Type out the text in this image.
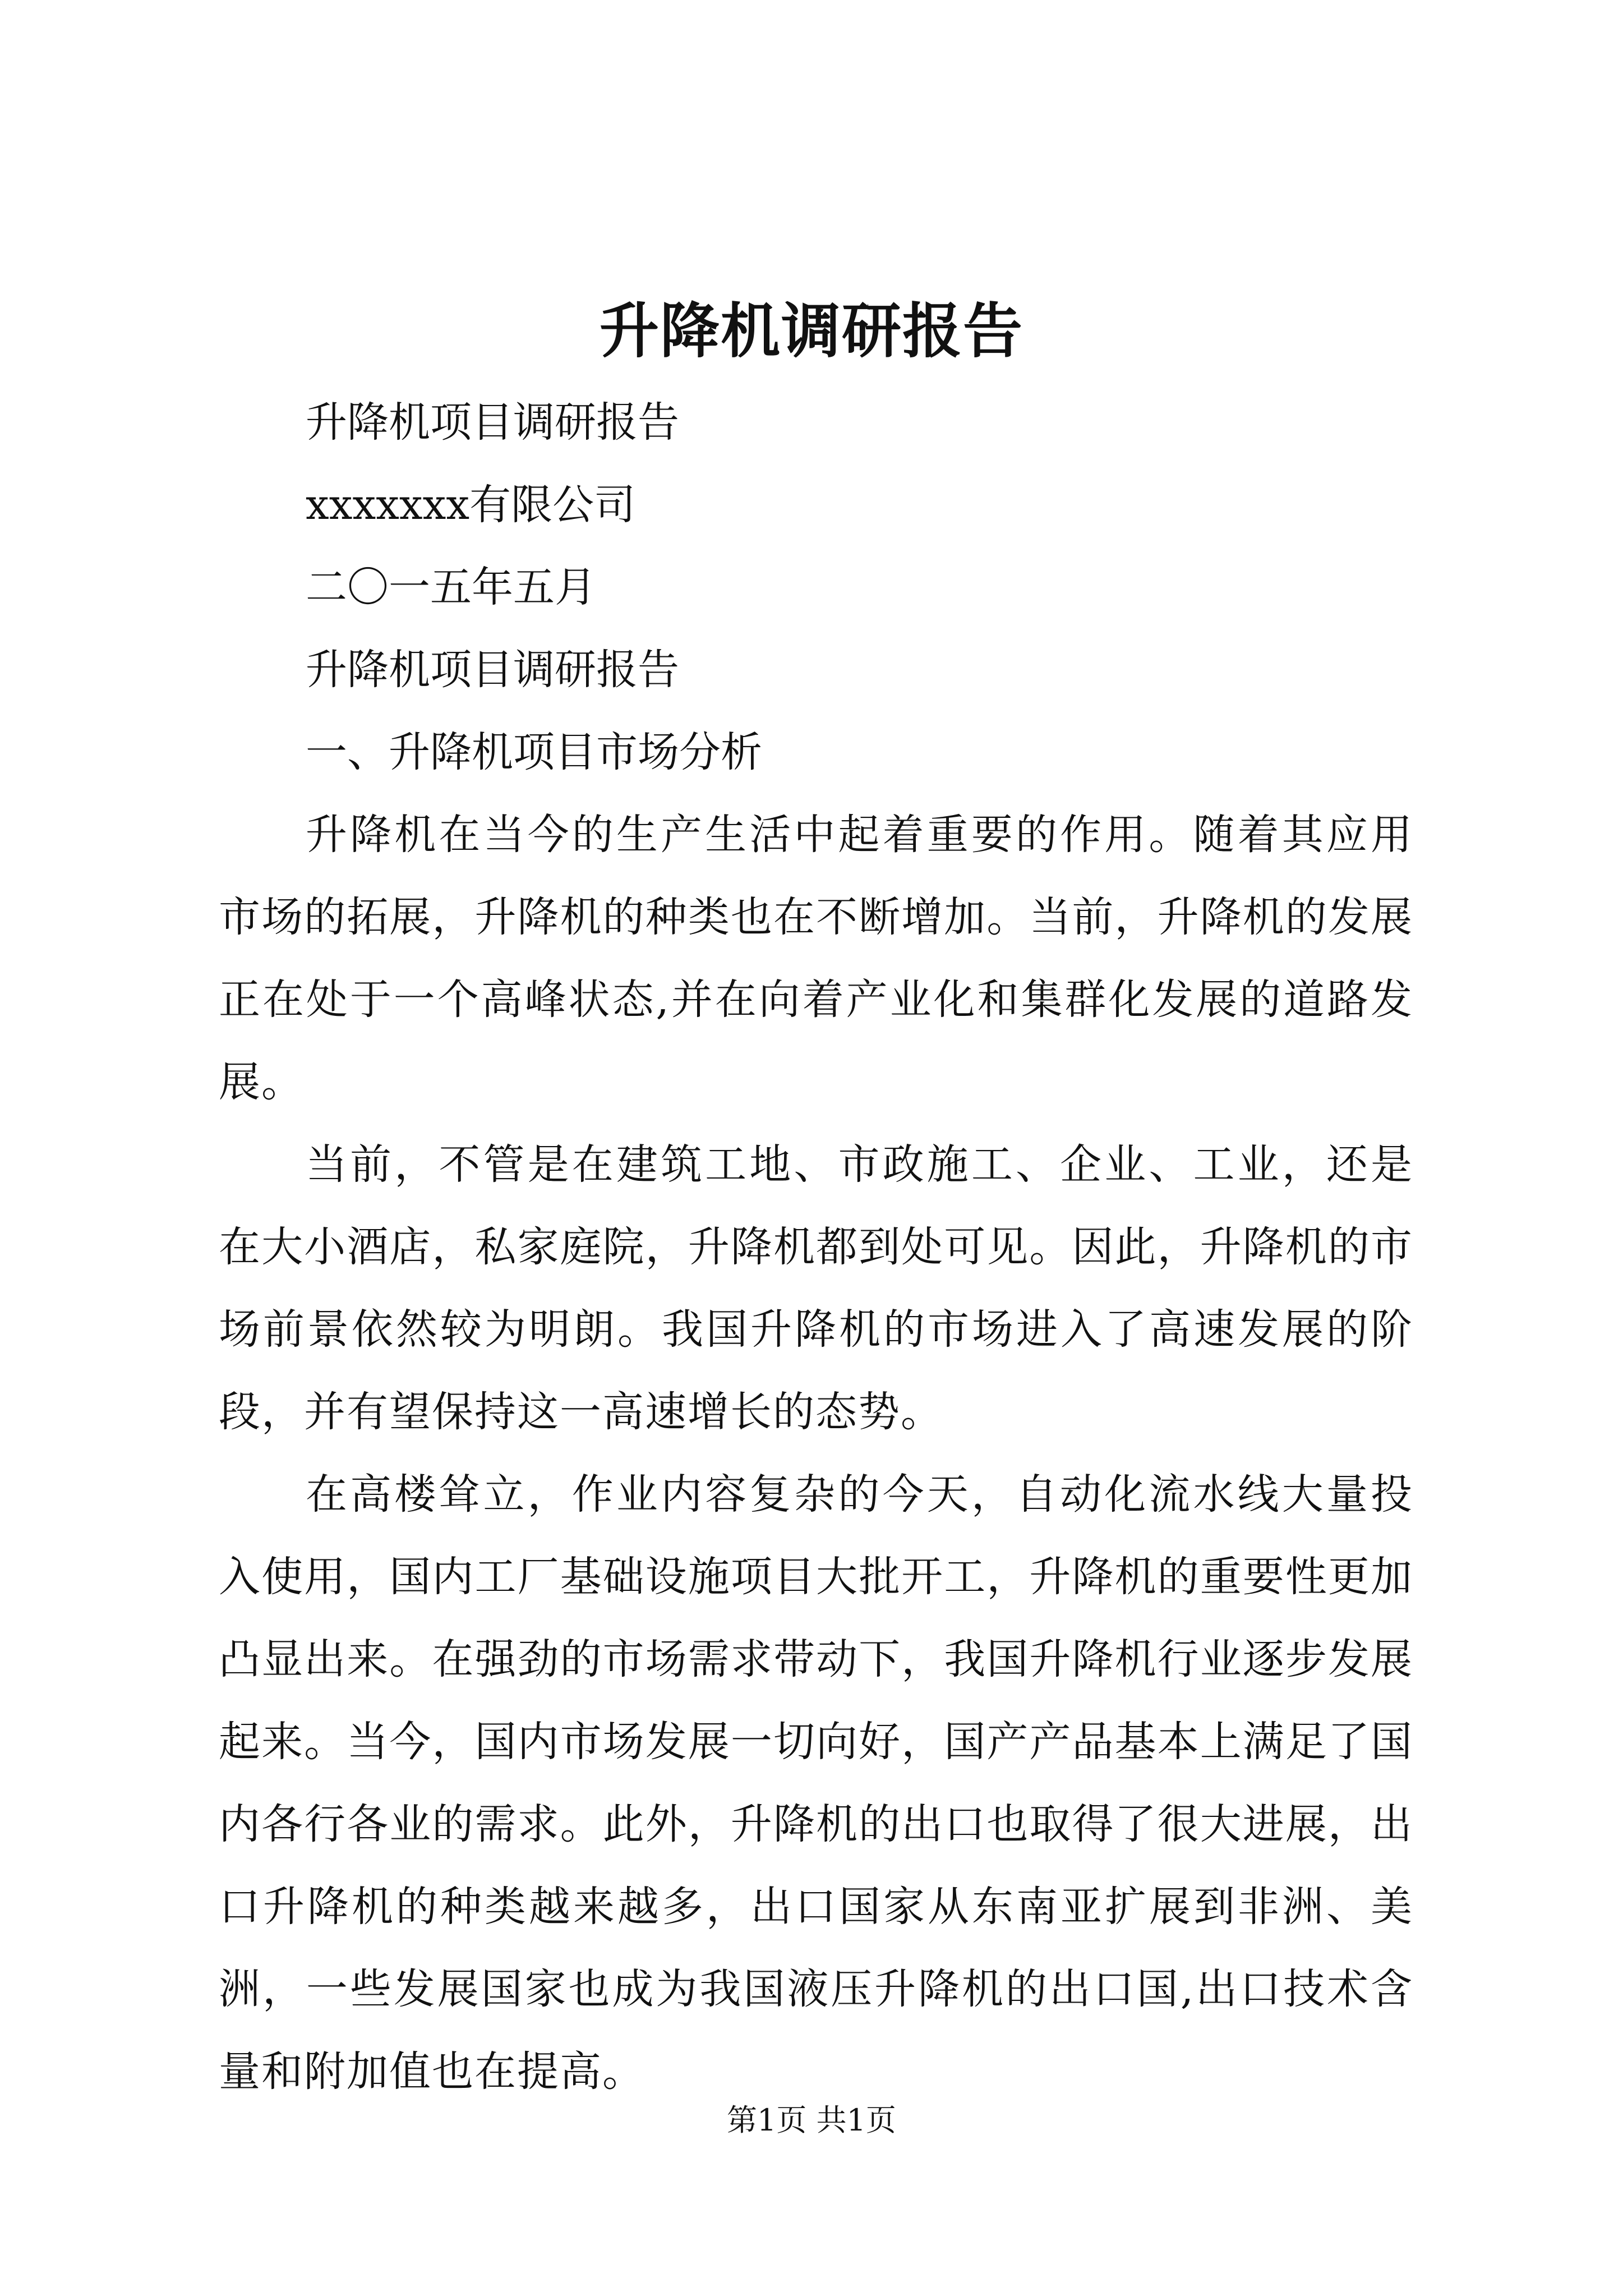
升降机调研报告

升降机项目调研报告

xxxxxxx有限公司

二〇一五年五月

升降机项目调研报告

一、升降机项目市场分析

升降机在当今的生产生活中起着重要的作用。随着其应用市场的拓展，升降机的种类也在不断增加。当前，升降机的发展正在处于一个高峰状态,并在向着产业化和集群化发展的道路发展。

当前，不管是在建筑工地、市政施工、企业、工业，还是在大小酒店，私家庭院，升降机都到处可见。因此，升降机的市场前景依然较为明朗。我国升降机的市场进入了高速发展的阶段，并有望保持这一高速增长的态势。

在高楼耸立，作业内容复杂的今天，自动化流水线大量投入使用，国内工厂基础设施项目大批开工，升降机的重要性更加凸显出来。在强劲的市场需求带动下，我国升降机行业逐步发展起来。当今，国内市场发展一切向好，国产产品基本上满足了国内各行各业的需求。此外，升降机的出口也取得了很大进展，出口升降机的种类越来越多，出口国家从东南亚扩展到非洲、美洲，一些发展国家也成为我国液压升降机的出口国,出口技术含量和附加值也在提高。

第1页 共1页
